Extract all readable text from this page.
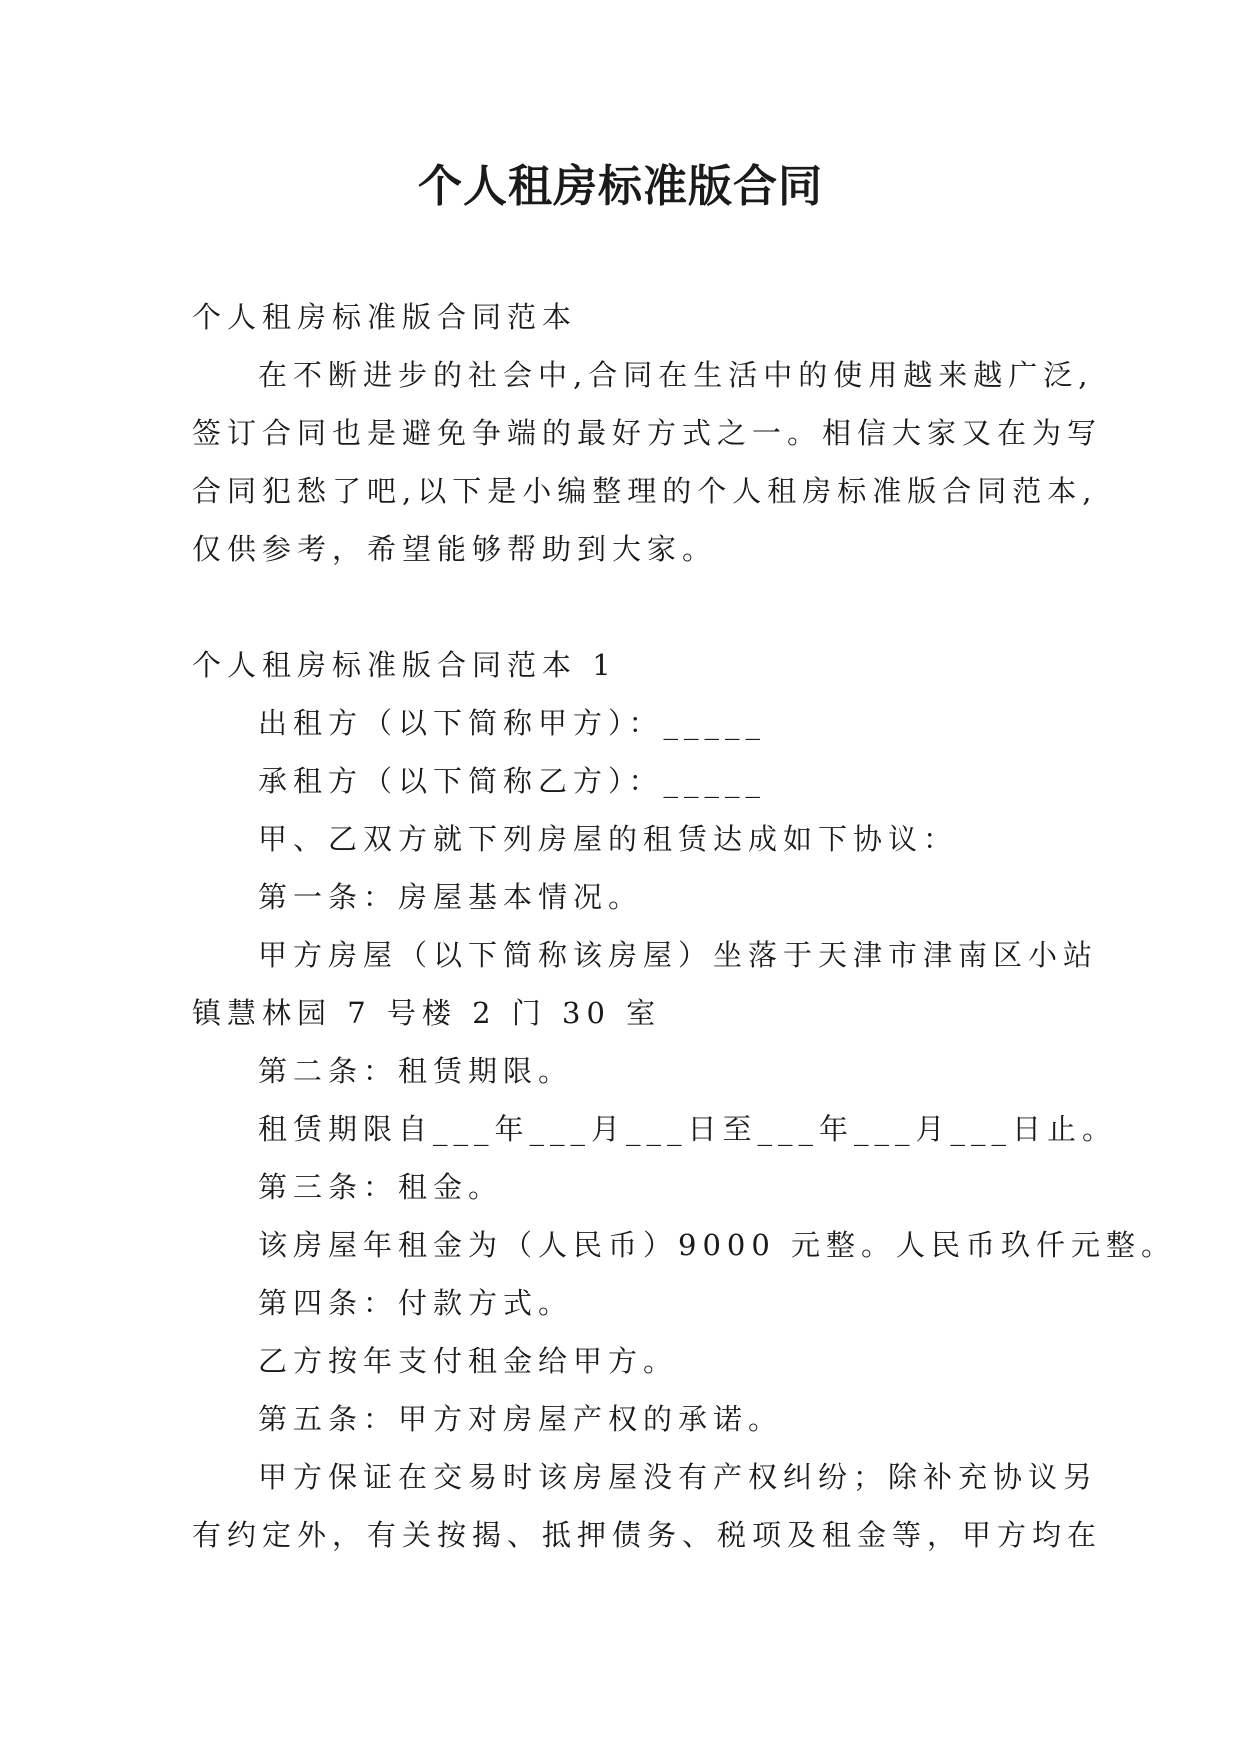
个人租房标准版合同

个人租房标准版合同范本

在不断进步的社会中,合同在生活中的使用越来越广泛,

签订合同也是避免争端的最好方式之一。相信大家又在为写

合同犯愁了吧,以下是小编整理的个人租房标准版合同范本,

仅供参考，希望能够帮助到大家。

个人租房标准版合同范本 1

出租方（以下简称甲方）：_____

承租方（以下简称乙方）：_____

甲、乙双方就下列房屋的租赁达成如下协议：

第一条：房屋基本情况。

甲方房屋（以下简称该房屋）坐落于天津市津南区小站

镇慧林园 7 号楼 2 门 30 室

第二条：租赁期限。

租赁期限自___年___月___日至___年___月___日止。

第三条：租金。

该房屋年租金为（人民币）9000 元整。人民币玖仟元整。

第四条：付款方式。

乙方按年支付租金给甲方。

第五条：甲方对房屋产权的承诺。

甲方保证在交易时该房屋没有产权纠纷；除补充协议另

有约定外，有关按揭、抵押债务、税项及租金等，甲方均在
